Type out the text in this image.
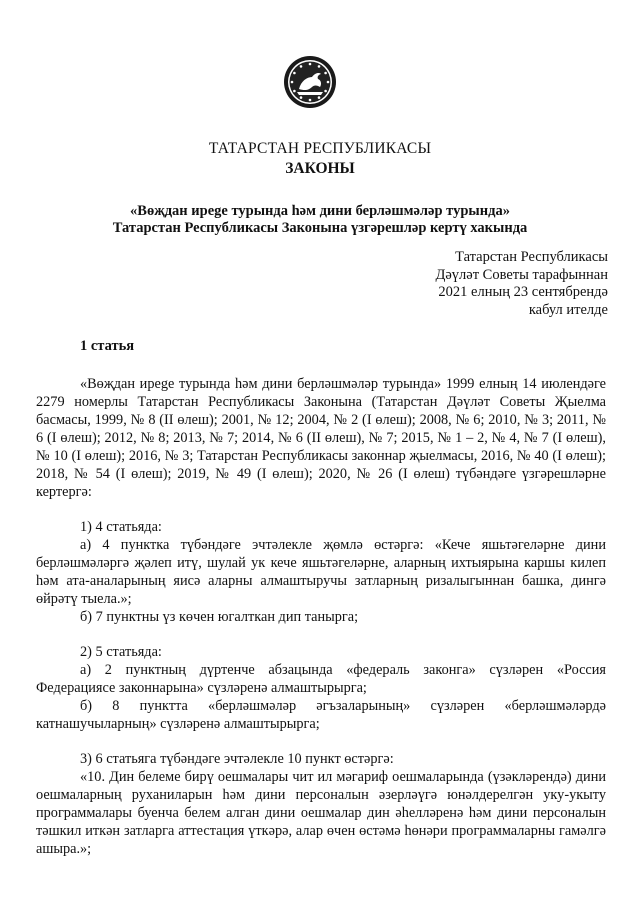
ТАТАРСТАН РЕСПУБЛИКАСЫ
ЗАКОНЫ
«Вөҗдан ирege турында һәм дини берләшмәләр турында»
Татарстан Республикасы Законына үзгәрешләр кертү хакында
Татарстан Республикасы
Дәүләт Советы тарафыннан
2021 елның 23 сентябрендә
кабул ителде
1 статья

«Вөҗдан ирege турында һәм дини берләшмәләр турында» 1999 елның 14 июлендәге 2279 номерлы Татарстан Республикасы Законына (Татарстан Дәүләт Советы Җыелма басмасы, 1999, № 8 (II өлеш); 2001, № 12; 2004, № 2 (I өлеш); 2008, № 6; 2010, № 3; 2011, № 6 (I өлеш); 2012, № 8; 2013, № 7; 2014, № 6 (II өлеш), № 7; 2015, № 1 – 2, № 4, № 7 (I өлеш), № 10 (I өлеш); 2016, № 3; Татарстан Республикасы законнар җыелмасы, 2016, № 40 (I өлеш); 2018, № 54 (I өлеш); 2019, № 49 (I өлеш); 2020, № 26 (I өлеш) түбәндәге үзгәрешләрне кертергә:

1) 4 статьяда:

а) 4 пунктка түбәндәге эчтәлекле җөмлә өстәргә: «Кече яшьтәгеләрне дини берләшмәләргә җәлеп итү, шулай ук кече яшьтәгеләрне, аларның ихтыярына каршы килеп һәм ата-аналарының яисә аларны алмаштыручы затларның ризалыгыннан башка, дингә өйрәтү тыела.»;

б) 7 пунктны үз көчен югалткан дип танырга;

2) 5 статьяда:

а) 2 пунктның дүртенче абзацында «федераль законга» сүзләрен «Россия Федерациясе законнарына» сүзләренә алмаштырырга;

б) 8 пунктта «берләшмәләр әгъзаларының» сүзләрен «берләшмәләрдә катнашучыларның» сүзләренә алмаштырырга;

3) 6 статьяга түбәндәге эчтәлекле 10 пункт өстәргә:

«10. Дин белеме бирү оешмалары чит ил мәгариф оешмаларында (үзәкләрендә) дини оешмаларның руханиларын һәм дини персоналын әзерләүгә юнәлдерелгән уку-укыту программалары буенча белем алган дини оешмалар дин әһелләренә һәм дини персоналын тәшкил иткән затларга аттестация үткәрә, алар өчен өстәмә һөнәри программаларны гамәлгә ашыра.»;
